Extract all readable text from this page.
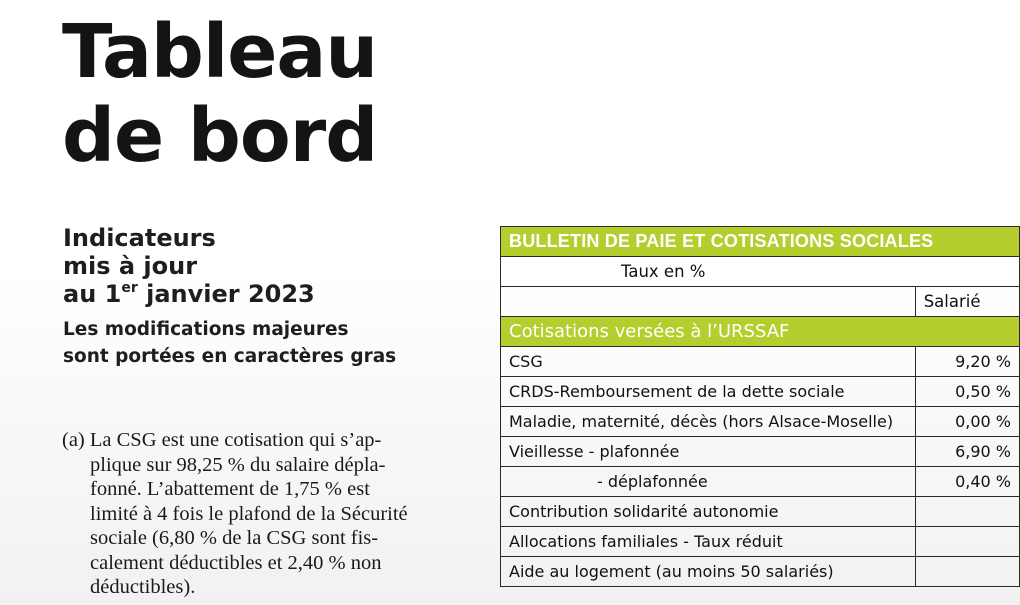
Tableau
de bord
Indicateurs
mis à jour
au 1er janvier 2023
Les modifications majeures
sont portées en caractères gras
(a) La CSG est une cotisation qui s’ap-
plique sur 98,25 % du salaire dépla-
fonné. L’abattement de 1,75 % est
limité à 4 fois le plafond de la Sécurité
sociale (6,80 % de la CSG sont fis-
calement déductibles et 2,40 % non
déductibles).
BULLETIN DE PAIE ET COTISATIONS SOCIALES	
Taux en %	
	Salarié
Cotisations versées à l’URSSAF	
CSG	9,20 %
CRDS-Remboursement de la dette sociale	0,50 %
Maladie, maternité, décès (hors Alsace-Moselle)	0,00 %
Vieillesse - plafonnée	6,90 %
- déplafonnée	0,40 %
Contribution solidarité autonomie	
Allocations familiales - Taux réduit	
Aide au logement (au moins 50 salariés)	
